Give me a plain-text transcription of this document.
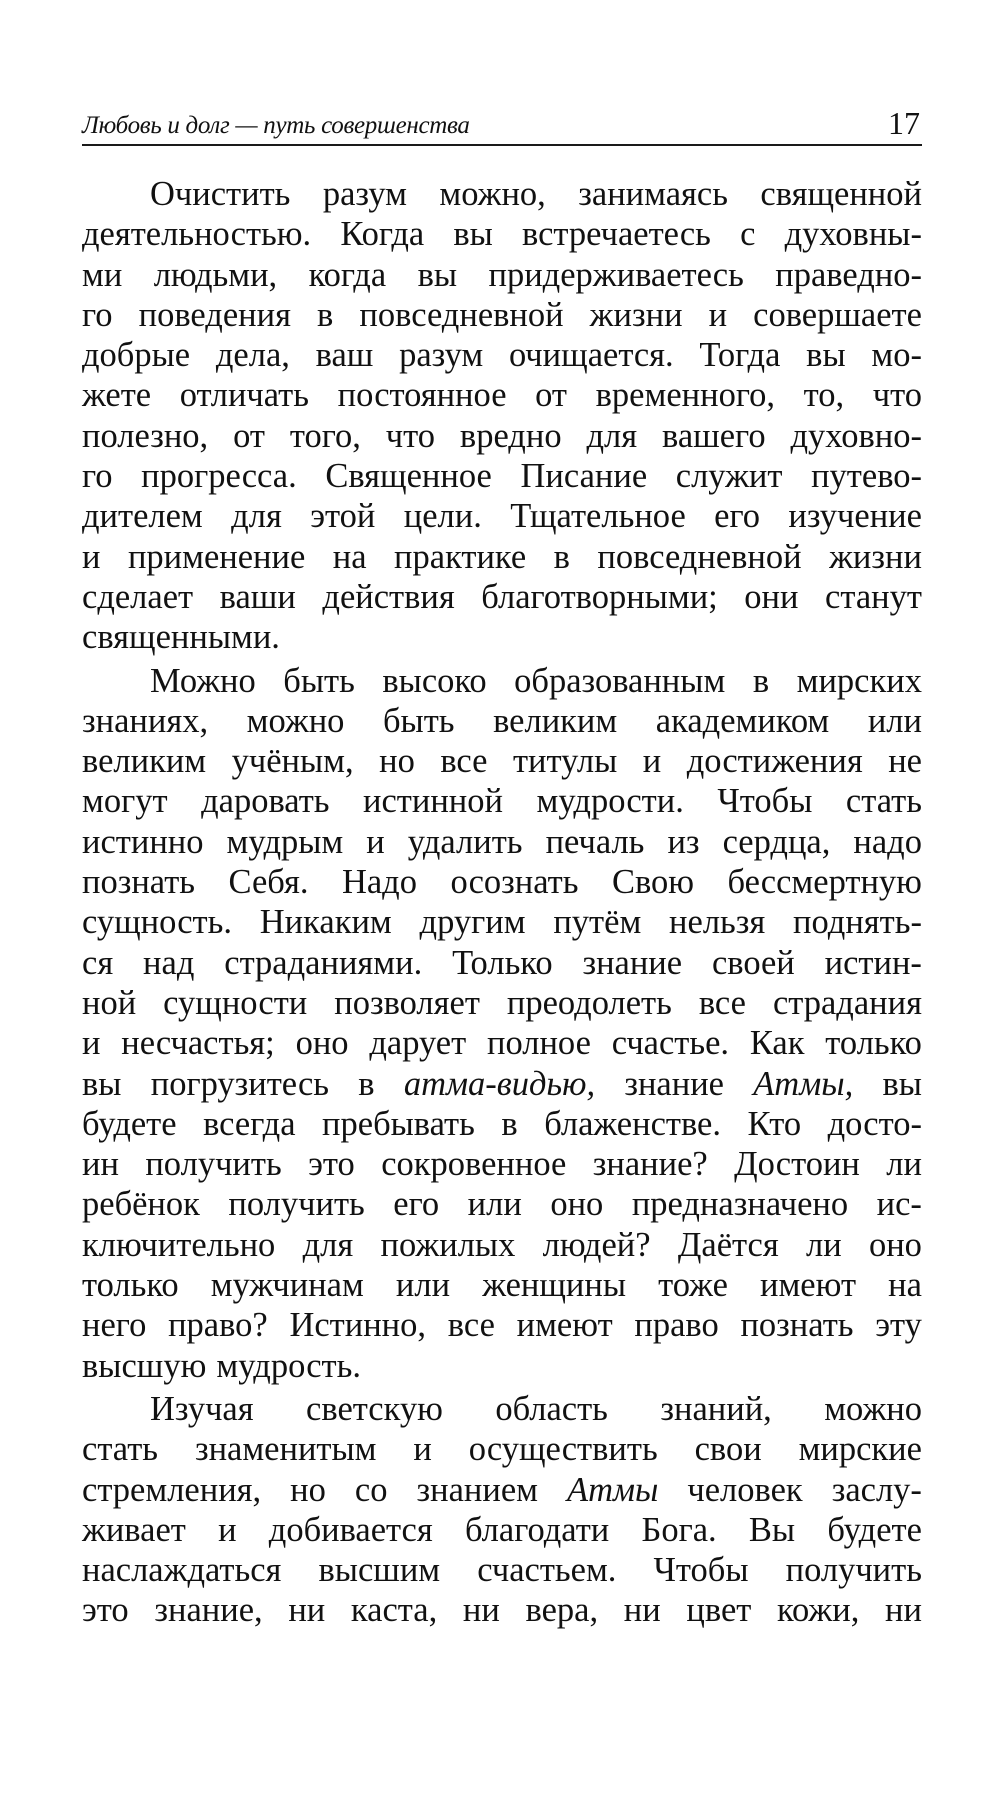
Любовь и долг — путь совершенства	17
Очистить разум можно, занимаясь священной
деятельностью. Когда вы встречаетесь с духовны-
ми людьми, когда вы придерживаетесь праведно-
го поведения в повседневной жизни и совершаете
добрые дела, ваш разум очищается. Тогда вы мо-
жете отличать постоянное от временного, то, что
полезно, от того, что вредно для вашего духовно-
го прогресса. Священное Писание служит путево-
дителем для этой цели. Тщательное его изучение
и применение на практике в повседневной жизни
сделает ваши действия благотворными; они станут
священными.
Можно быть высоко образованным в мирских
знаниях, можно быть великим академиком или
великим учёным, но все титулы и достижения не
могут даровать истинной мудрости. Чтобы стать
истинно мудрым и удалить печаль из сердца, надо
познать Себя. Надо осознать Свою бессмертную
сущность. Никаким другим путём нельзя поднять-
ся над страданиями. Только знание своей истин-
ной сущности позволяет преодолеть все страдания
и несчастья; оно дарует полное счастье. Как только
вы погрузитесь в атма-видью, знание Атмы, вы
будете всегда пребывать в блаженстве. Кто досто-
ин получить это сокровенное знание? Достоин ли
ребёнок получить его или оно предназначено ис-
ключительно для пожилых людей? Даётся ли оно
только мужчинам или женщины тоже имеют на
него право? Истинно, все имеют право познать эту
высшую мудрость.
Изучая светскую область знаний, можно
стать знаменитым и осуществить свои мирские
стремления, но со знанием Атмы человек заслу-
живает и добивается благодати Бога. Вы будете
наслаждаться высшим счастьем. Чтобы получить
это знание, ни каста, ни вера, ни цвет кожи, ни
